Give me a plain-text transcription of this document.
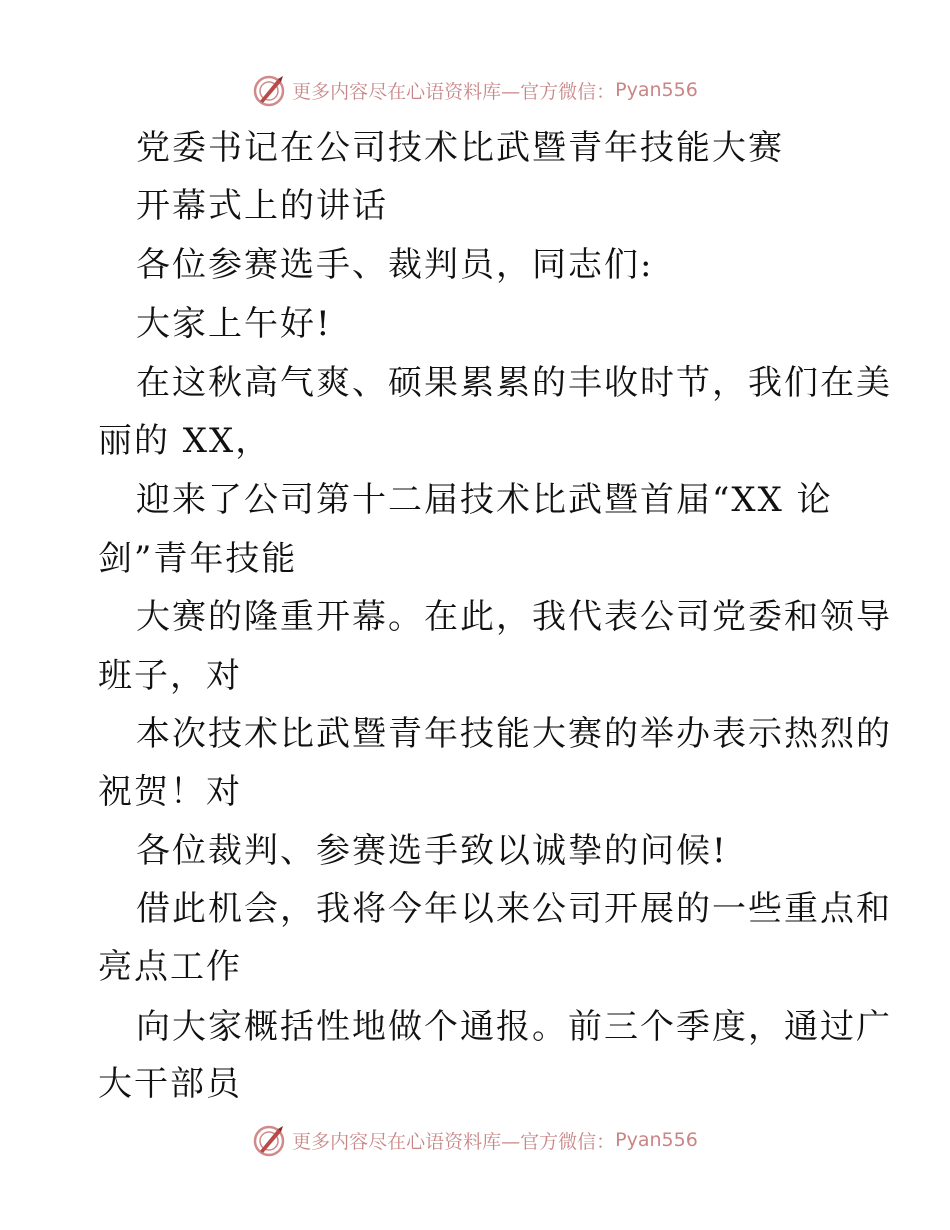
更多内容尽在心语资料库—官方微信： Pyan556
党委书记在公司技术比武暨青年技能大赛
开幕式上的讲话
各位参赛选手、裁判员，同志们:
大家上午好!
在这秋高气爽、硕果累累的丰收时节，我们在美
丽的 XX，
迎来了公司第十二届技术比武暨首届“XX 论
剑”青年技能
大赛的隆重开幕。在此，我代表公司党委和领导
班子，对
本次技术比武暨青年技能大赛的举办表示热烈的
祝贺！对
各位裁判、参赛选手致以诚挚的问候!
借此机会，我将今年以来公司开展的一些重点和
亮点工作
向大家概括性地做个通报。前三个季度，通过广
大干部员
更多内容尽在心语资料库—官方微信： Pyan556
